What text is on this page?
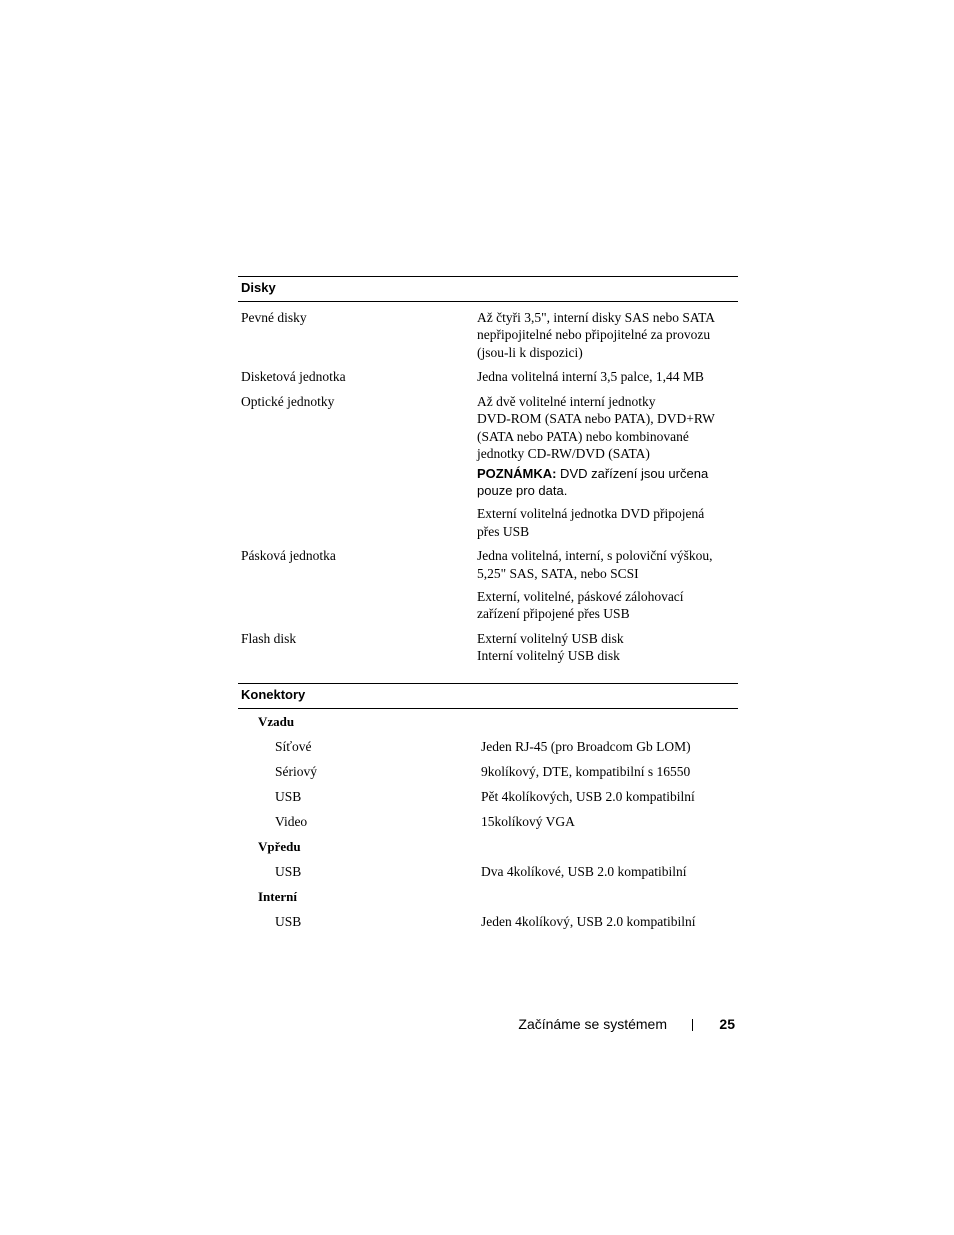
Disky
Pevné disky	Až čtyři 3,5", interní disky SAS nebo SATA

nepřipojitelné nebo připojitelné za provozu

(jsou-li k dispozici)

Disketová jednotka	Jedna volitelná interní 3,5 palce, 1,44 MB

Optické jednotky	Až dvě volitelné interní jednotky

DVD-ROM (SATA nebo PATA), DVD+RW

(SATA nebo PATA) nebo kombinované

jednotky CD-RW/DVD (SATA)

POZNÁMKA: DVD zařízení jsou určena

pouze pro data.

Externí volitelná jednotka DVD připojená

přes USB

Pásková jednotka	Jedna volitelná, interní, s poloviční výškou,

5,25" SAS, SATA, nebo SCSI

Externí, volitelné, páskové zálohovací

zařízení připojené přes USB

Flash disk	Externí volitelný USB disk

Interní volitelný USB disk

Konektory
Vzadu
Síťové	Jeden RJ-45 (pro Broadcom Gb LOM)
Sériový	9kolíkový, DTE, kompatibilní s 16550
USB	Pět 4kolíkových, USB 2.0 kompatibilní
Video	15kolíkový VGA
Vpředu
USB	Dva 4kolíkové, USB 2.0 kompatibilní
Interní
USB	Jeden 4kolíkový, USB 2.0 kompatibilní
Začínáme se systémem	25
